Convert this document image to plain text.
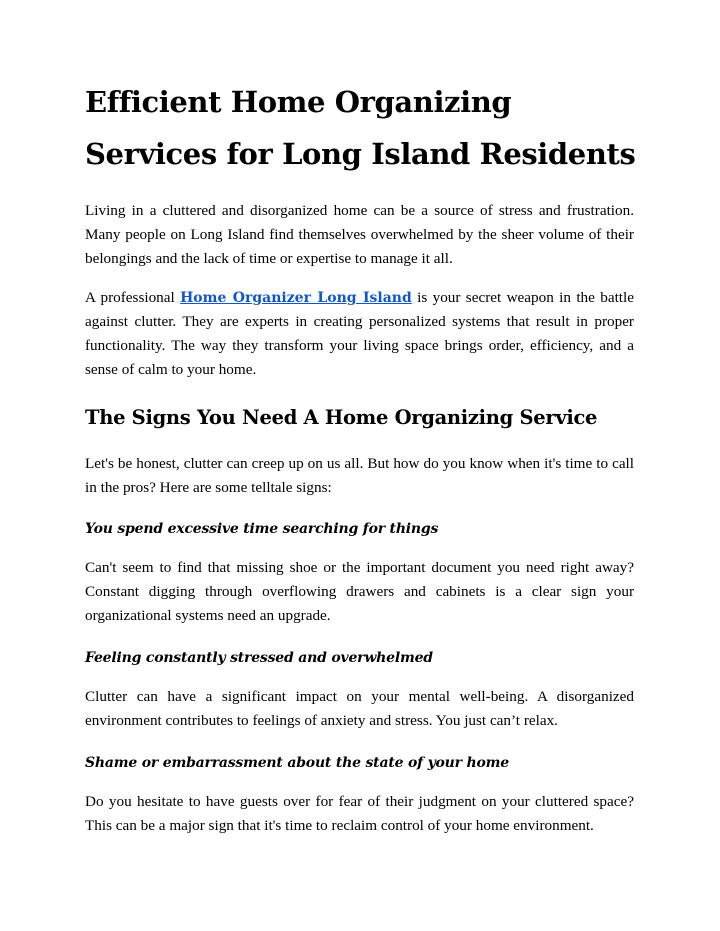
Efficient Home Organizing Services for Long Island Residents

Living in a cluttered and disorganized home can be a source of stress and frustration. Many people on Long Island find themselves overwhelmed by the sheer volume of their belongings and the lack of time or expertise to manage it all.

A professional Home Organizer Long Island is your secret weapon in the battle against clutter. They are experts in creating personalized systems that result in proper functionality. The way they transform your living space brings order, efficiency, and a sense of calm to your home.

The Signs You Need A Home Organizing Service

Let's be honest, clutter can creep up on us all. But how do you know when it's time to call in the pros? Here are some telltale signs:

You spend excessive time searching for things

Can't seem to find that missing shoe or the important document you need right away? Constant digging through overflowing drawers and cabinets is a clear sign your organizational systems need an upgrade.

Feeling constantly stressed and overwhelmed

Clutter can have a significant impact on your mental well-being. A disorganized environment contributes to feelings of anxiety and stress. You just can’t relax.

Shame or embarrassment about the state of your home

Do you hesitate to have guests over for fear of their judgment on your cluttered space? This can be a major sign that it's time to reclaim control of your home environment.
